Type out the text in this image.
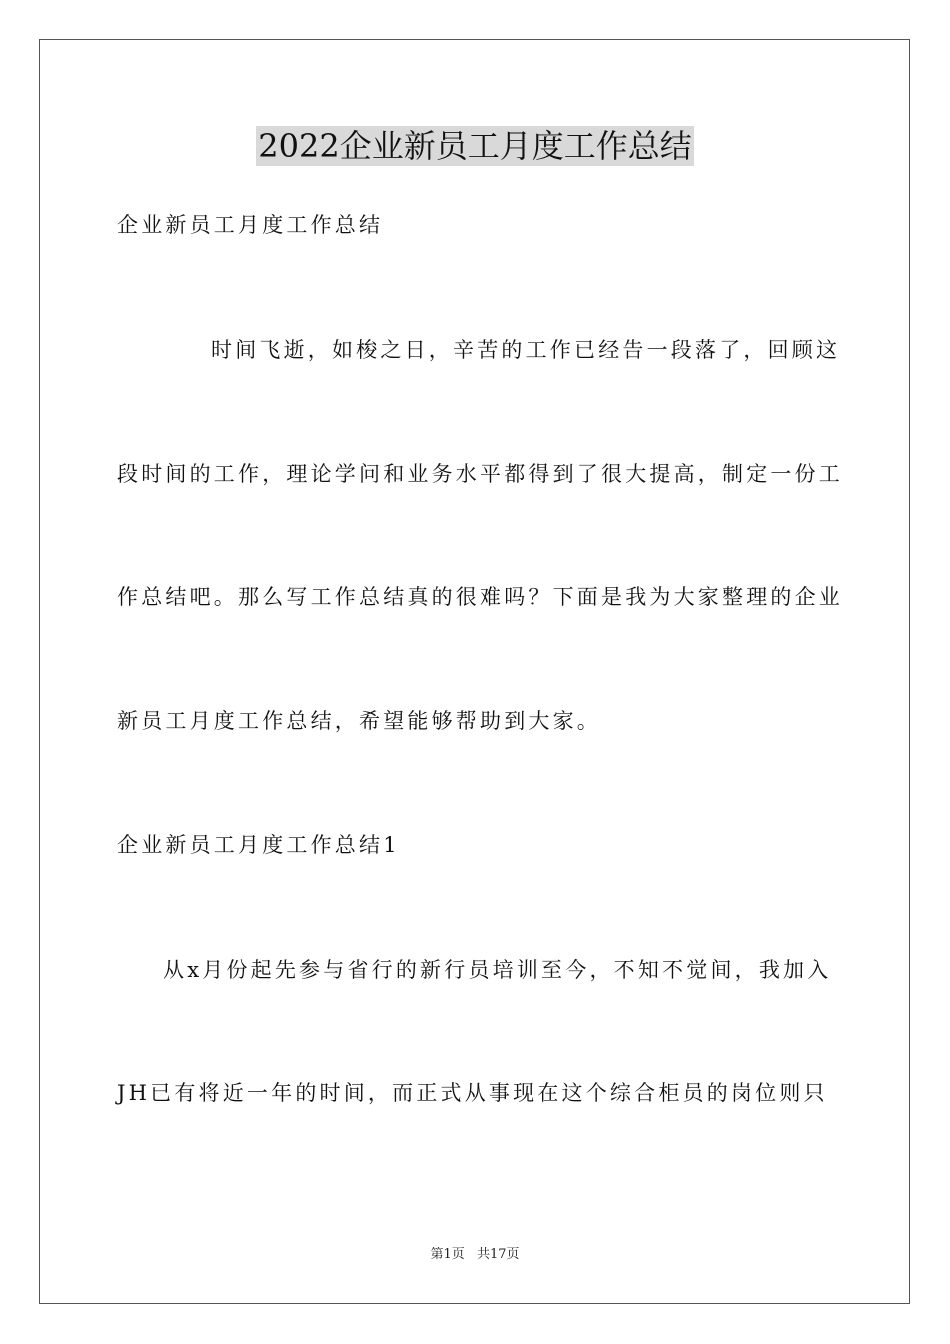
2022企业新员工月度工作总结
企业新员工月度工作总结
时间飞逝，如梭之日，辛苦的工作已经告一段落了，回顾这
段时间的工作，理论学问和业务水平都得到了很大提高，制定一份工
作总结吧。那么写工作总结真的很难吗？下面是我为大家整理的企业
新员工月度工作总结，希望能够帮助到大家。
企业新员工月度工作总结1
从x月份起先参与省行的新行员培训至今，不知不觉间，我加入
JH已有将近一年的时间，而正式从事现在这个综合柜员的岗位则只
第1页 共17页
